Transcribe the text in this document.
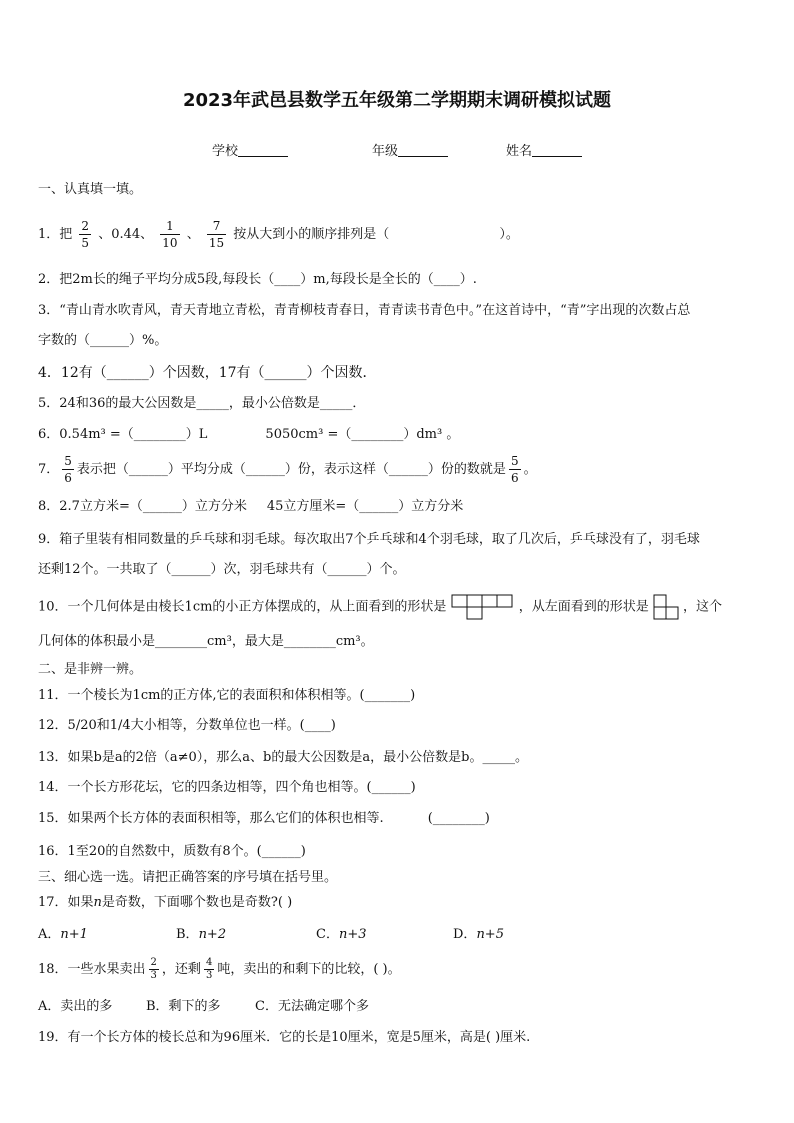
2023年武邑县数学五年级第二学期期末调研模拟试题
学校	年级	姓名
一、认真填一填。
1．把 $\frac{2}{5}$ 、0.44、 $\frac{1}{10}$ 、 $\frac{7}{15}$ 按从大到小的顺序排列是（	）。
2．把2m长的绳子平均分成5段,每段长（____）m,每段长是全长的（____）.
3．“青山青水吹青风，青天青地立青松，青青柳枝青春日，青青读书青色中。”在这首诗中，“青”字出现的次数占总
字数的（______）%。
4．12有（______）个因数，17有（______）个因数．
5．24和36的最大公因数是_____，最小公倍数是_____．
6．0.54m³ =（________）L	5050cm³ =（________）dm³ 。
7． $\frac{5}{6}$ 表示把（______）平均分成（______）份，表示这样（______）份的数就是 $\frac{5}{6}$ 。
8．2.7立方米=（______）立方分米 45立方厘米=（______）立方分米
9．箱子里装有相同数量的乒乓球和羽毛球。每次取出7个乒乓球和4个羽毛球，取了几次后，乒乓球没有了，羽毛球
还剩12个。一共取了（______）次，羽毛球共有（______）个。
10．一个几何体是由棱长1cm的小正方体摆成的，从上面看到的形状是	，从左面看到的形状是	，这个
几何体的体积最小是________cm³，最大是________cm³。
二、是非辨一辨。
11．一个棱长为1cm的正方体,它的表面积和体积相等。(_______)
12．5/20和1/4大小相等，分数单位也一样。(____)
13．如果b是a的2倍（a≠0），那么a、b的最大公因数是a，最小公倍数是b。_____。
14．一个长方形花坛，它的四条边相等，四个角也相等。(______)
15．如果两个长方体的表面积相等，那么它们的体积也相等.	(________)
16．1至20的自然数中，质数有8个。(______)
三、细心选一选。请把正确答案的序号填在括号里。
17．如果n是奇数，下面哪个数也是奇数?( )
A．n+1	B．n+2	C．n+3	D．n+5
18．一些水果卖出 $\frac{2}{3}$ ，还剩 $\frac{4}{3}$ 吨，卖出的和剩下的比较，( )。
A．卖出的多	B．剩下的多	C．无法确定哪个多
19．有一个长方体的棱长总和为96厘米．它的长是10厘米，宽是5厘米，高是( )厘米.
